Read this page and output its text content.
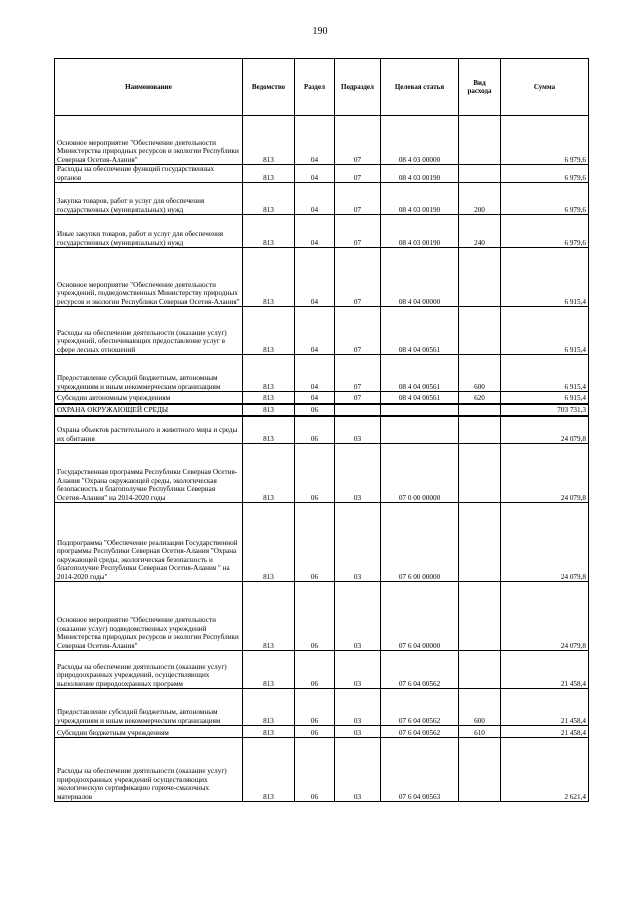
190
Наименование	Ведомство	Раздел	Подраздел	Целевая статья	Вид расхода	Сумма
Основное мероприятие "Обеспечение деятельности Министерства природных ресурсов и экологии Республики Северная Осетия-Алания"	813	04	07	08 4 03 00000		6 979,6
Расходы на обеспечение функций государственных органов	813	04	07	08 4 03 00190		6 979,6
Закупка товаров, работ и услуг для обеспечения государственных (муниципальных) нужд	813	04	07	08 4 03 00190	200	6 979,6
Иные закупки товаров, работ и услуг для обеспечения государственных (муниципальных) нужд	813	04	07	08 4 03 00190	240	6 979,6
Основное мероприятие "Обеспечение деятельности учреждений, подведомственных Министерству природных ресурсов и экологии Республики Северная Осетия-Алания"	813	04	07	08 4 04 00000		6 915,4
Расходы на обеспечение деятельности (оказание услуг) учреждений, обеспечивающих предоставление услуг в сфере лесных отношений	813	04	07	08 4 04 00561		6 915,4
Предоставление субсидий бюджетным, автономным учреждениям и иным некоммерческим организациям	813	04	07	08 4 04 00561	600	6 915,4
Субсидии автономным учреждениям	813	04	07	08 4 04 00561	620	6 915,4
ОХРАНА ОКРУЖАЮЩЕЙ СРЕДЫ	813	06				703 731,3
Охрана объектов растительного и животного мира и среды их обитания	813	06	03			24 079,8
Государственная программа Республики Северная Осетия-Алания "Охрана окружающей среды, экологическая безопасность и благополучие Республики Северная Осетия-Алания" на 2014-2020 годы	813	06	03	07 0 00 00000		24 079,8
Подпрограмма "Обеспечение реализации Государственной программы Республики Северная Осетия-Алания "Охрана окружающей среды, экологическая безопасность и благополучие Республики Северная Осетия-Алания " на 2014-2020 годы"	813	06	03	07 6 00 00000		24 079,8
Основное мероприятие "Обеспечение деятельности (оказание услуг) подведомственных учреждений Министерства природных ресурсов и экологии Республики Северная Осетия-Алания"	813	06	03	07 6 04 00000		24 079,8
Расходы на обеспечение деятельности (оказание услуг) природоохранных учреждений, осуществляющих выполнение природоохранных программ	813	06	03	07 6 04 00562		21 458,4
Предоставление субсидий бюджетным, автономным учреждениям и иным некоммерческим организациям	813	06	03	07 6 04 00562	600	21 458,4
Субсидии бюджетным учреждениям	813	06	03	07 6 04 00562	610	21 458,4
Расходы на обеспечение деятельности (оказание услуг) природоохранных учреждений осуществляющих экологическую сертификацию горюче-смазочных материалов	813	06	03	07 6 04 00563		2 621,4
